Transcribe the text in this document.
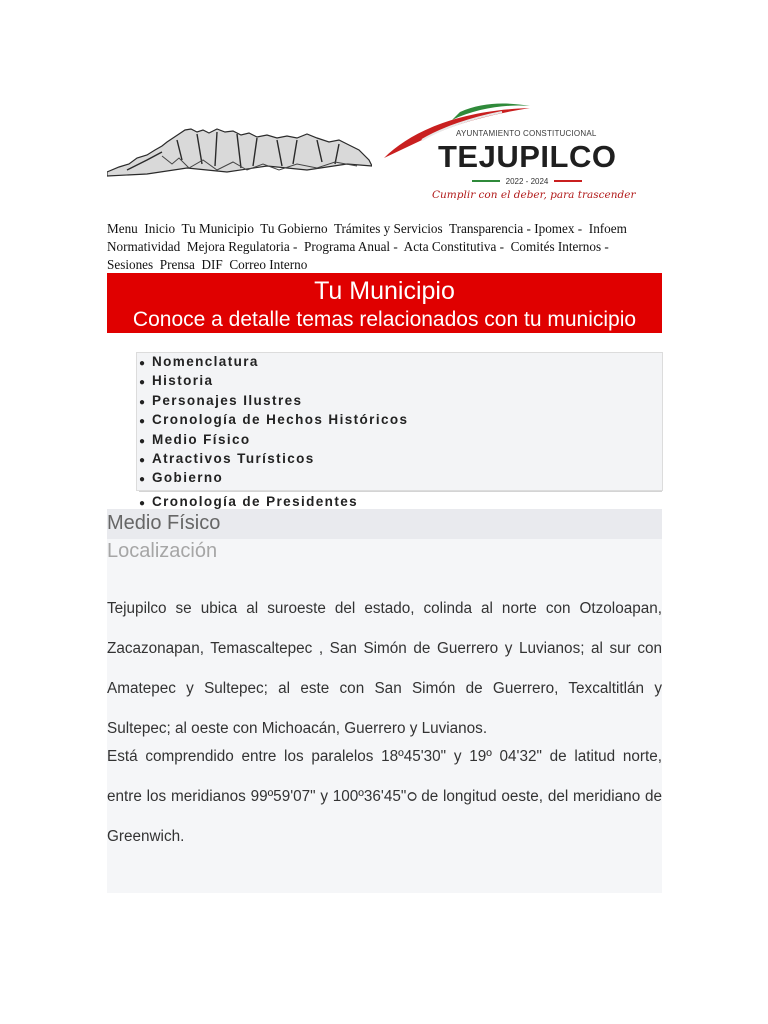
AYUNTAMIENTO CONSTITUCIONAL
TEJUPILCO
2022 - 2024
Cumplir con el deber, para trascender
Menu Inicio Tu Municipio Tu Gobierno Trámites y Servicios Transparencia - Ipomex - Infoem  Normatividad Mejora Regulatoria - Programa Anual - Acta Constitutiva - Comités Internos -  Sesiones Prensa DIF Correo Interno
Tu Municipio
Conoce a detalle temas relacionados con tu municipio
● Nomenclatura
● Historia
● Personajes Ilustres
● Cronología de Hechos Históricos
● Medio Físico
● Atractivos Turísticos
● Gobierno
● Cronología de Presidentes
Medio Físico
Localización

Tejupilco se ubica al suroeste del estado, colinda al norte con Otzoloapan, Zacazonapan, Temascaltepec , San Simón de Guerrero y Luvianos; al sur con Amatepec y Sultepec; al este con San Simón de Guerrero, Texcaltitlán y Sultepec; al oeste con Michoacán, Guerrero y Luvianos.

Está comprendido entre los paralelos 18º45'30" y 19º 04'32" de latitud norte, entre los meridianos 99º59'07" y 100º36'45"ഠ de longitud oeste, del meridiano de Greenwich.
